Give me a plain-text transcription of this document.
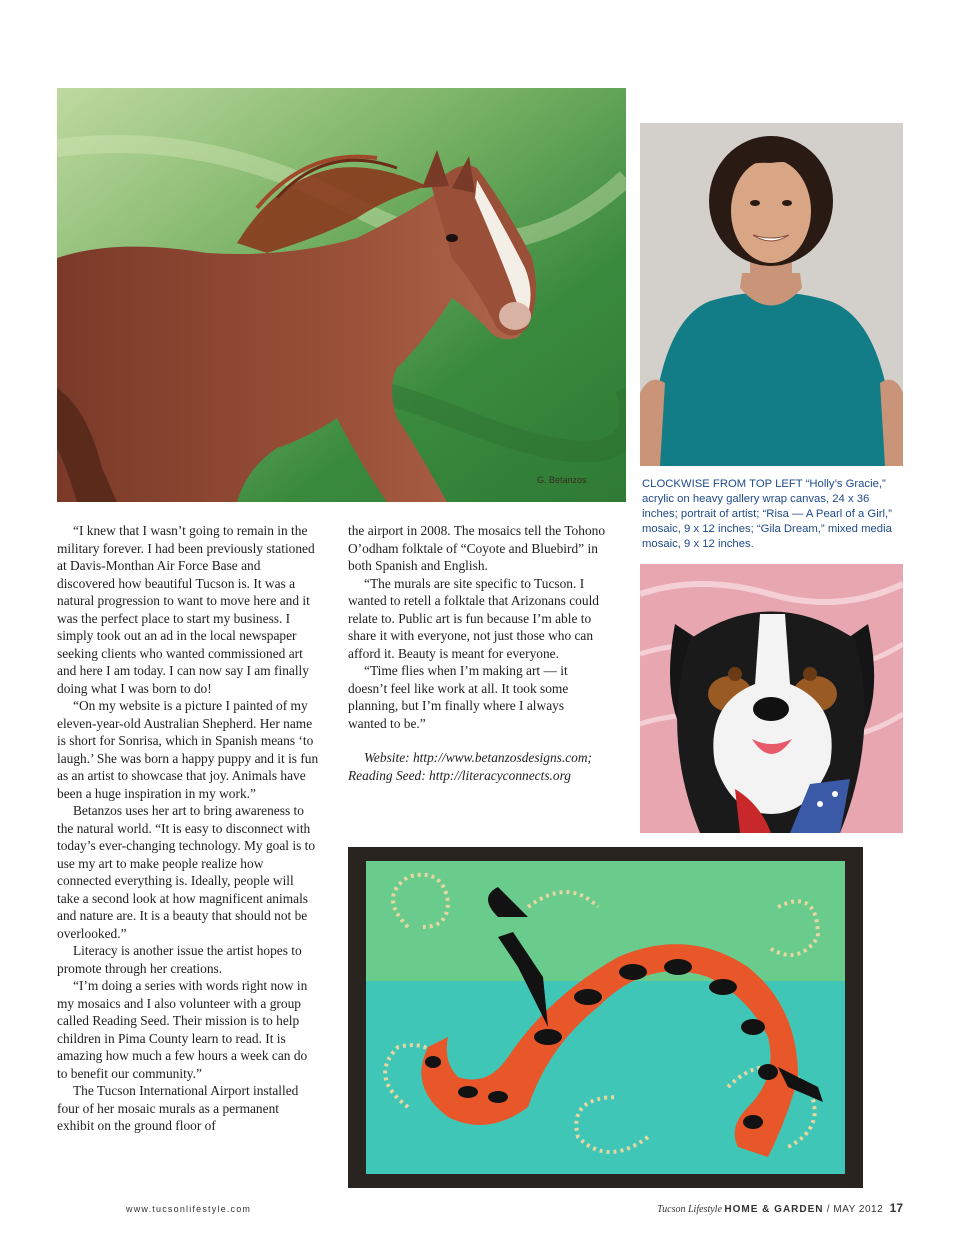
G. Betanzos	CLOCKWISE FROM TOP LEFT “Holly’s Gracie,” acrylic on heavy gallery wrap canvas, 24 x 36 inches; portrait of artist; “Risa — A Pearl of a Girl,” mosaic, 9 x 12 inches; “Gila Dream,” mixed media mosaic, 9 x 12 inches.

“I knew that I wasn’t going to remain in the military forever. I had been previously stationed at Davis-Monthan Air Force Base and discovered how beautiful Tucson is. It was a natural progression to want to move here and it was the perfect place to start my business. I simply took out an ad in the local newspaper seeking clients who wanted commissioned art and here I am today. I can now say I am finally doing what I was born to do!

“On my website is a picture I painted of my eleven-year-old Australian Shepherd. Her name is short for Sonrisa, which in Spanish means ‘to laugh.’ She was born a happy puppy and it is fun as an artist to showcase that joy. Animals have been a huge inspiration in my work.”

Betanzos uses her art to bring awareness to the natural world. “It is easy to disconnect with today’s ever-changing technology. My goal is to use my art to make people realize how connected everything is. Ideally, people will take a second look at how magnificent animals and nature are. It is a beauty that should not be overlooked.”

Literacy is another issue the artist hopes to promote through her creations.

“I’m doing a series with words right now in my mosaics and I also volunteer with a group called Reading Seed. Their mission is to help children in Pima County learn to read. It is amazing how much a few hours a week can do to benefit our community.”

The Tucson International Airport installed four of her mosaic murals as a permanent exhibit on the ground floor of

the airport in 2008. The mosaics tell the Tohono O’odham folktale of “Coyote and Bluebird” in both Spanish and English.

“The murals are site specific to Tucson. I wanted to retell a folktale that Arizonans could relate to. Public art is fun because I’m able to share it with everyone, not just those who can afford it. Beauty is meant for everyone.

“Time flies when I’m making art — it doesn’t feel like work at all. It took some planning, but I’m finally where I always wanted to be.”

Website: http://www.betanzosdesigns.com; Reading Seed: http://literacyconnects.org

www.tucsonlifestyle.com	Tucson Lifestyle HOME & GARDEN / MAY 2012 17
